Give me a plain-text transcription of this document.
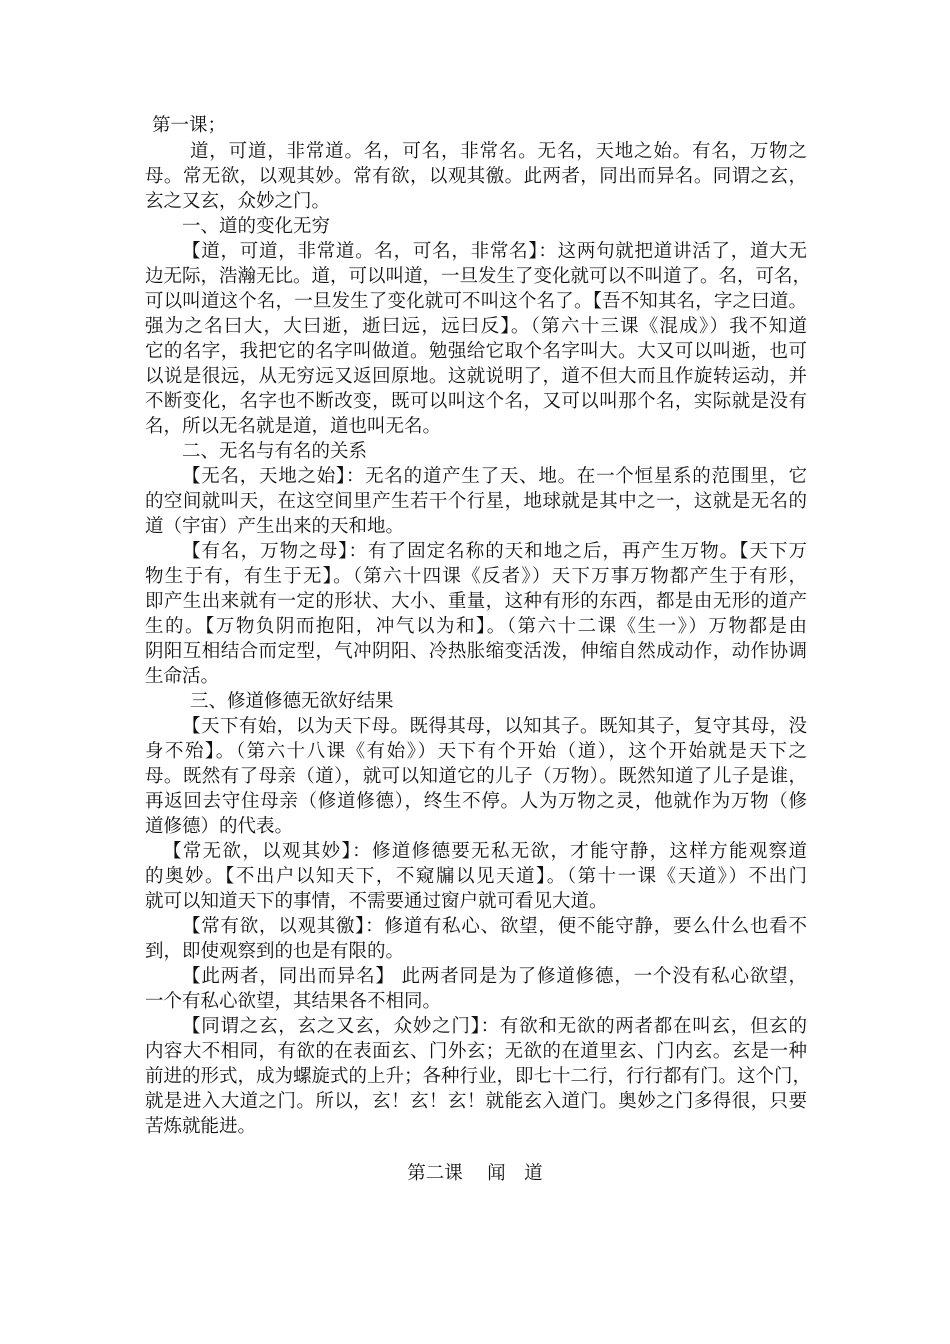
第一课；
道，可道，非常道。名，可名，非常名。无名，天地之始。有名，万物之
母。常无欲，以观其妙。常有欲，以观其徼。此两者，同出而异名。同谓之玄，
玄之又玄，众妙之门。
一、道的变化无穷
【道，可道，非常道。名，可名，非常名】：这两句就把道讲活了，道大无
边无际，浩瀚无比。道，可以叫道，一旦发生了变化就可以不叫道了。名，可名，
可以叫道这个名，一旦发生了变化就可不叫这个名了。【吾不知其名，字之曰道。
强为之名曰大，大曰逝，逝曰远，远曰反】。（第六十三课《混成》）我不知道
它的名字，我把它的名字叫做道。勉强给它取个名字叫大。大又可以叫逝，也可
以说是很远，从无穷远又返回原地。这就说明了，道不但大而且作旋转运动，并
不断变化，名字也不断改变，既可以叫这个名，又可以叫那个名，实际就是没有
名，所以无名就是道，道也叫无名。
二、无名与有名的关系
【无名，天地之始】：无名的道产生了天、地。在一个恒星系的范围里，它
的空间就叫天，在这空间里产生若干个行星，地球就是其中之一，这就是无名的
道（宇宙）产生出来的天和地。
【有名，万物之母】：有了固定名称的天和地之后，再产生万物。【天下万
物生于有，有生于无】。（第六十四课《反者》）天下万事万物都产生于有形，
即产生出来就有一定的形状、大小、重量，这种有形的东西，都是由无形的道产
生的。【万物负阴而抱阳，冲气以为和】。（第六十二课《生一》）万物都是由
阴阳互相结合而定型，气冲阴阳、冷热胀缩变活泼，伸缩自然成动作，动作协调
生命活。
三、修道修德无欲好结果
【天下有始，以为天下母。既得其母，以知其子。既知其子，复守其母，没
身不殆】。（第六十八课《有始》）天下有个开始（道），这个开始就是天下之
母。既然有了母亲（道），就可以知道它的儿子（万物）。既然知道了儿子是谁，
再返回去守住母亲（修道修德），终生不停。人为万物之灵，他就作为万物（修
道修德）的代表。
【常无欲，以观其妙】：修道修德要无私无欲，才能守静，这样方能观察道
的奥妙。【不出户以知天下，不窥牖以见天道】。（第十一课《天道》）不出门
就可以知道天下的事情，不需要通过窗户就可看见大道。
【常有欲，以观其徼】：修道有私心、欲望，便不能守静，要么什么也看不
到，即使观察到的也是有限的。
【此两者，同出而异名】 此两者同是为了修道修德，一个没有私心欲望，
一个有私心欲望，其结果各不相同。
【同谓之玄，玄之又玄，众妙之门】：有欲和无欲的两者都在叫玄，但玄的
内容大不相同，有欲的在表面玄、门外玄；无欲的在道里玄、门内玄。玄是一种
前进的形式，成为螺旋式的上升；各种行业，即七十二行，行行都有门。这个门，
就是进入大道之门。所以，玄！玄！玄！就能玄入道门。奥妙之门多得很，只要
苦炼就能进。
第二课　 闻　道
